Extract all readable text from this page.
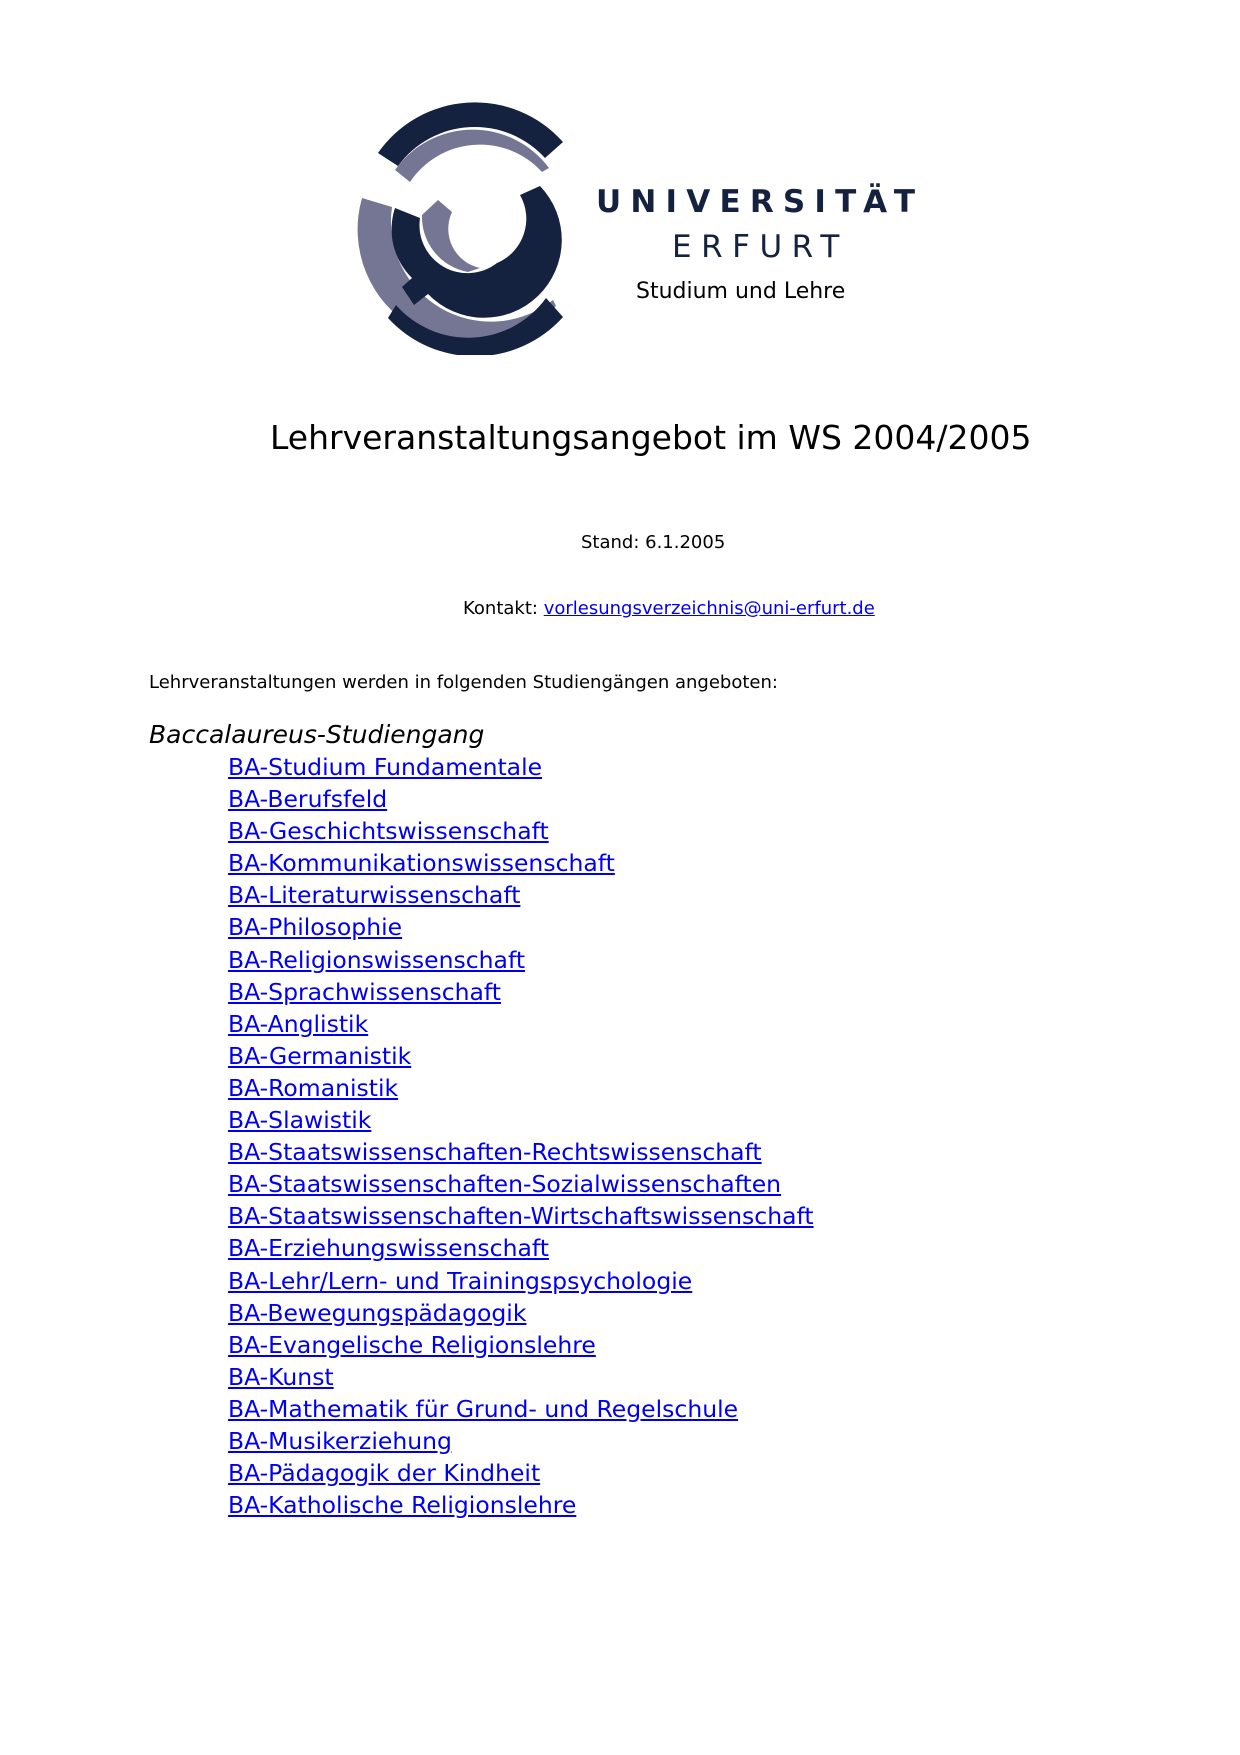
UNIVERSITÄT
ERFURT
Studium und Lehre
Lehrveranstaltungsangebot im WS 2004/2005
Stand: 6.1.2005
Kontakt: vorlesungsverzeichnis@uni-erfurt.de
Lehrveranstaltungen werden in folgenden Studiengängen angeboten:
Baccalaureus-Studiengang
BA-Studium Fundamentale
BA-Berufsfeld
BA-Geschichtswissenschaft
BA-Kommunikationswissenschaft
BA-Literaturwissenschaft
BA-Philosophie
BA-Religionswissenschaft
BA-Sprachwissenschaft
BA-Anglistik
BA-Germanistik
BA-Romanistik
BA-Slawistik
BA-Staatswissenschaften-Rechtswissenschaft
BA-Staatswissenschaften-Sozialwissenschaften
BA-Staatswissenschaften-Wirtschaftswissenschaft
BA-Erziehungswissenschaft
BA-Lehr/Lern- und Trainingspsychologie
BA-Bewegungspädagogik
BA-Evangelische Religionslehre
BA-Kunst
BA-Mathematik für Grund- und Regelschule
BA-Musikerziehung
BA-Pädagogik der Kindheit
BA-Katholische Religionslehre
